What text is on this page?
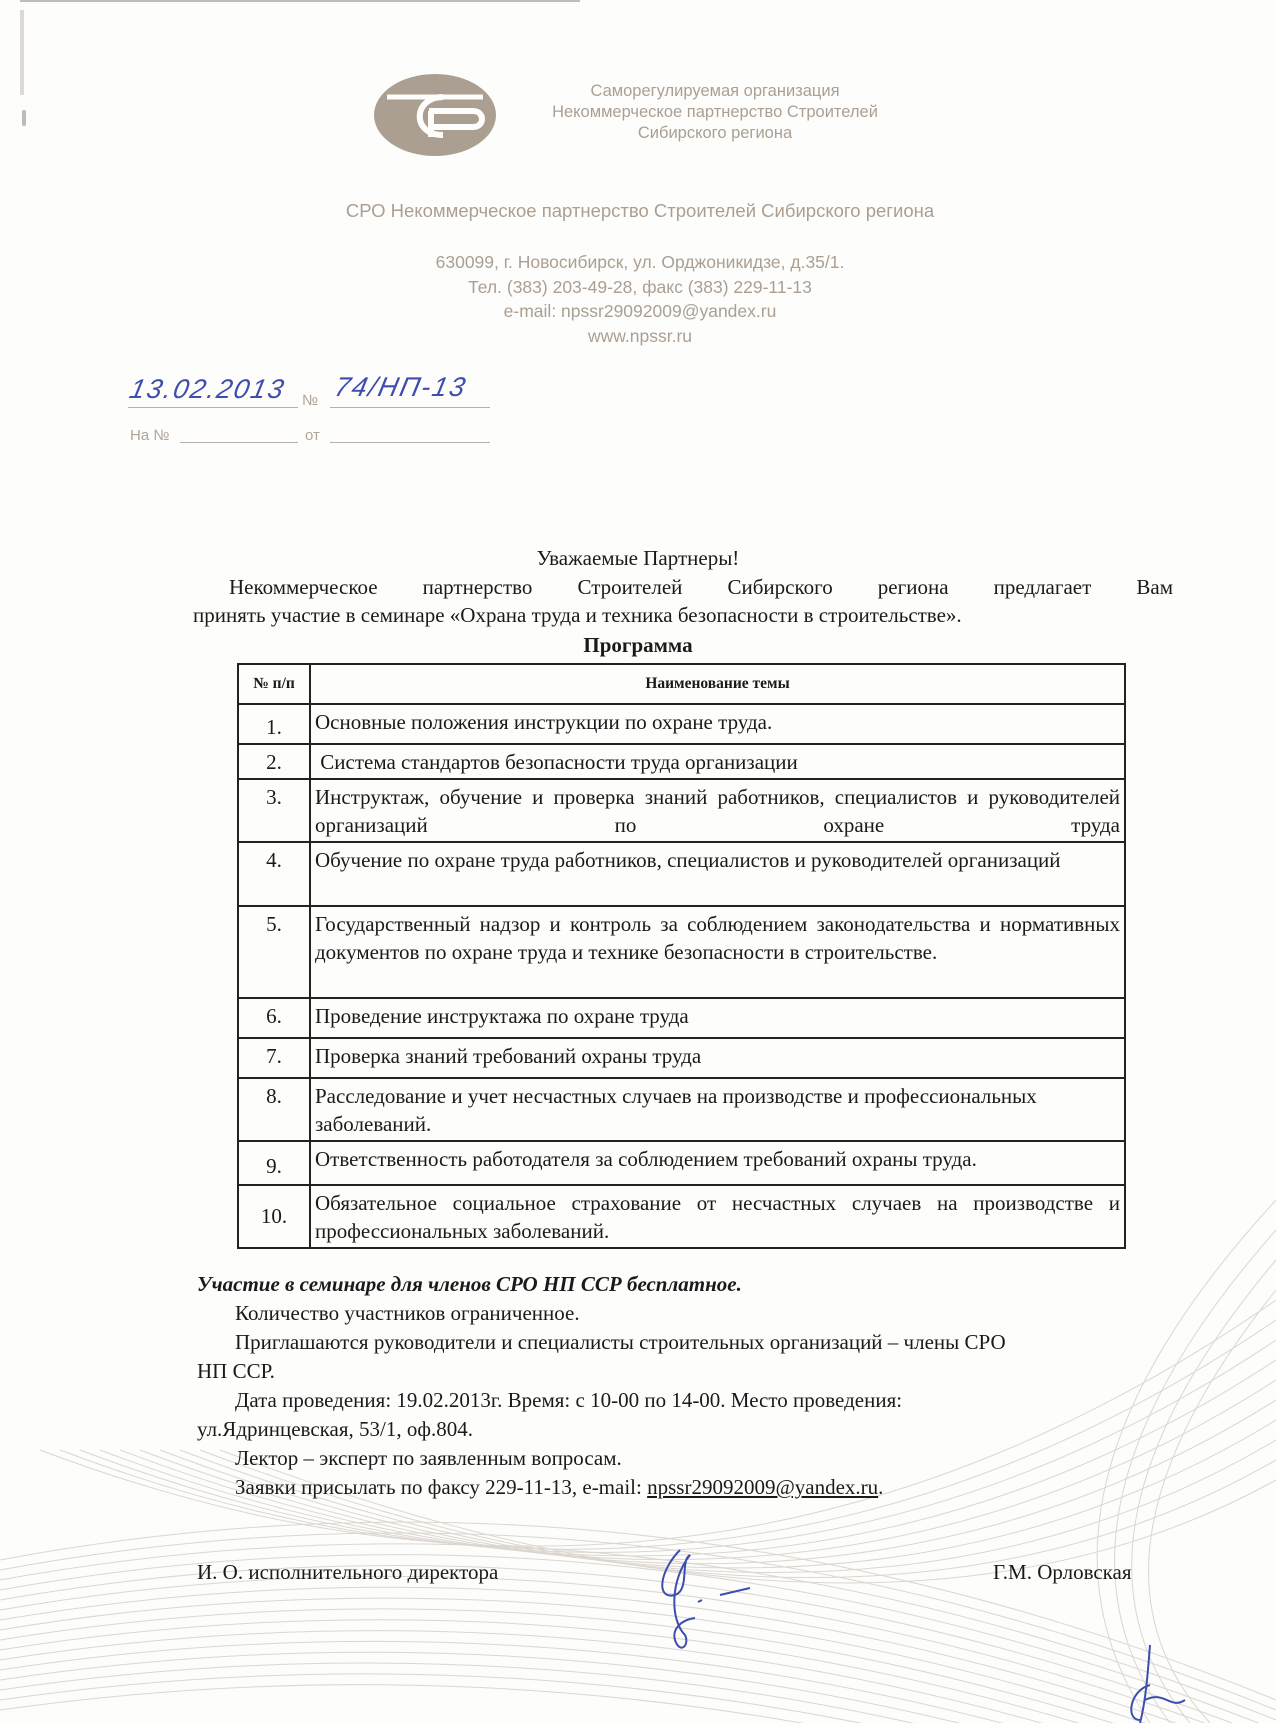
Саморегулируемая организация
Некоммерческое партнерство Строителей
Сибирского региона
СРО Некоммерческое партнерство Строителей Сибирского региона
630099, г. Новосибирск, ул. Орджоникидзе, д.35/1.
Тел. (383) 203-49-28, факс (383) 229-11-13
e-mail: npssr29092009@yandex.ru
www.npssr.ru
13.02.2013 № 74/НП-13
На №	от
Уважаемые Партнеры!
Некоммерческое партнерство Строителей Сибирского региона предлагает Вам
принять участие в семинаре «Охрана труда и техника безопасности в строительстве».
Программа
№ п/п	Наименование темы
1.	Основные положения инструкции по охране труда.
2.	Система стандартов безопасности труда организации
3.	Инструктаж, обучение и проверка знаний работников, специалистов и руководителей организаций по охране труда
4.	Обучение по охране труда работников, специалистов и руководителей организаций
5.	Государственный надзор и контроль за соблюдением законодательства и нормативных документов по охране труда и технике безопасности в строительстве.
6.	Проведение инструктажа по охране труда
7.	Проверка знаний требований охраны труда
8.	Расследование и учет несчастных случаев на производстве и профессиональных заболеваний.
9.	Ответственность работодателя за соблюдением требований охраны труда.
10.	Обязательное социальное страхование от несчастных случаев на производстве и профессиональных заболеваний.
Участие в семинаре для членов СРО НП ССР бесплатное.
Количество участников ограниченное.
Приглашаются руководители и специалисты строительных организаций – члены СРО
НП ССР.
Дата проведения: 19.02.2013г. Время: с 10-00 по 14-00. Место проведения:
ул.Ядринцевская, 53/1, оф.804.
Лектор – эксперт по заявленным вопросам.
Заявки присылать по факсу 229-11-13, e-mail: npssr29092009@yandex.ru.
И. О. исполнительного директора	Г.М. Орловская
